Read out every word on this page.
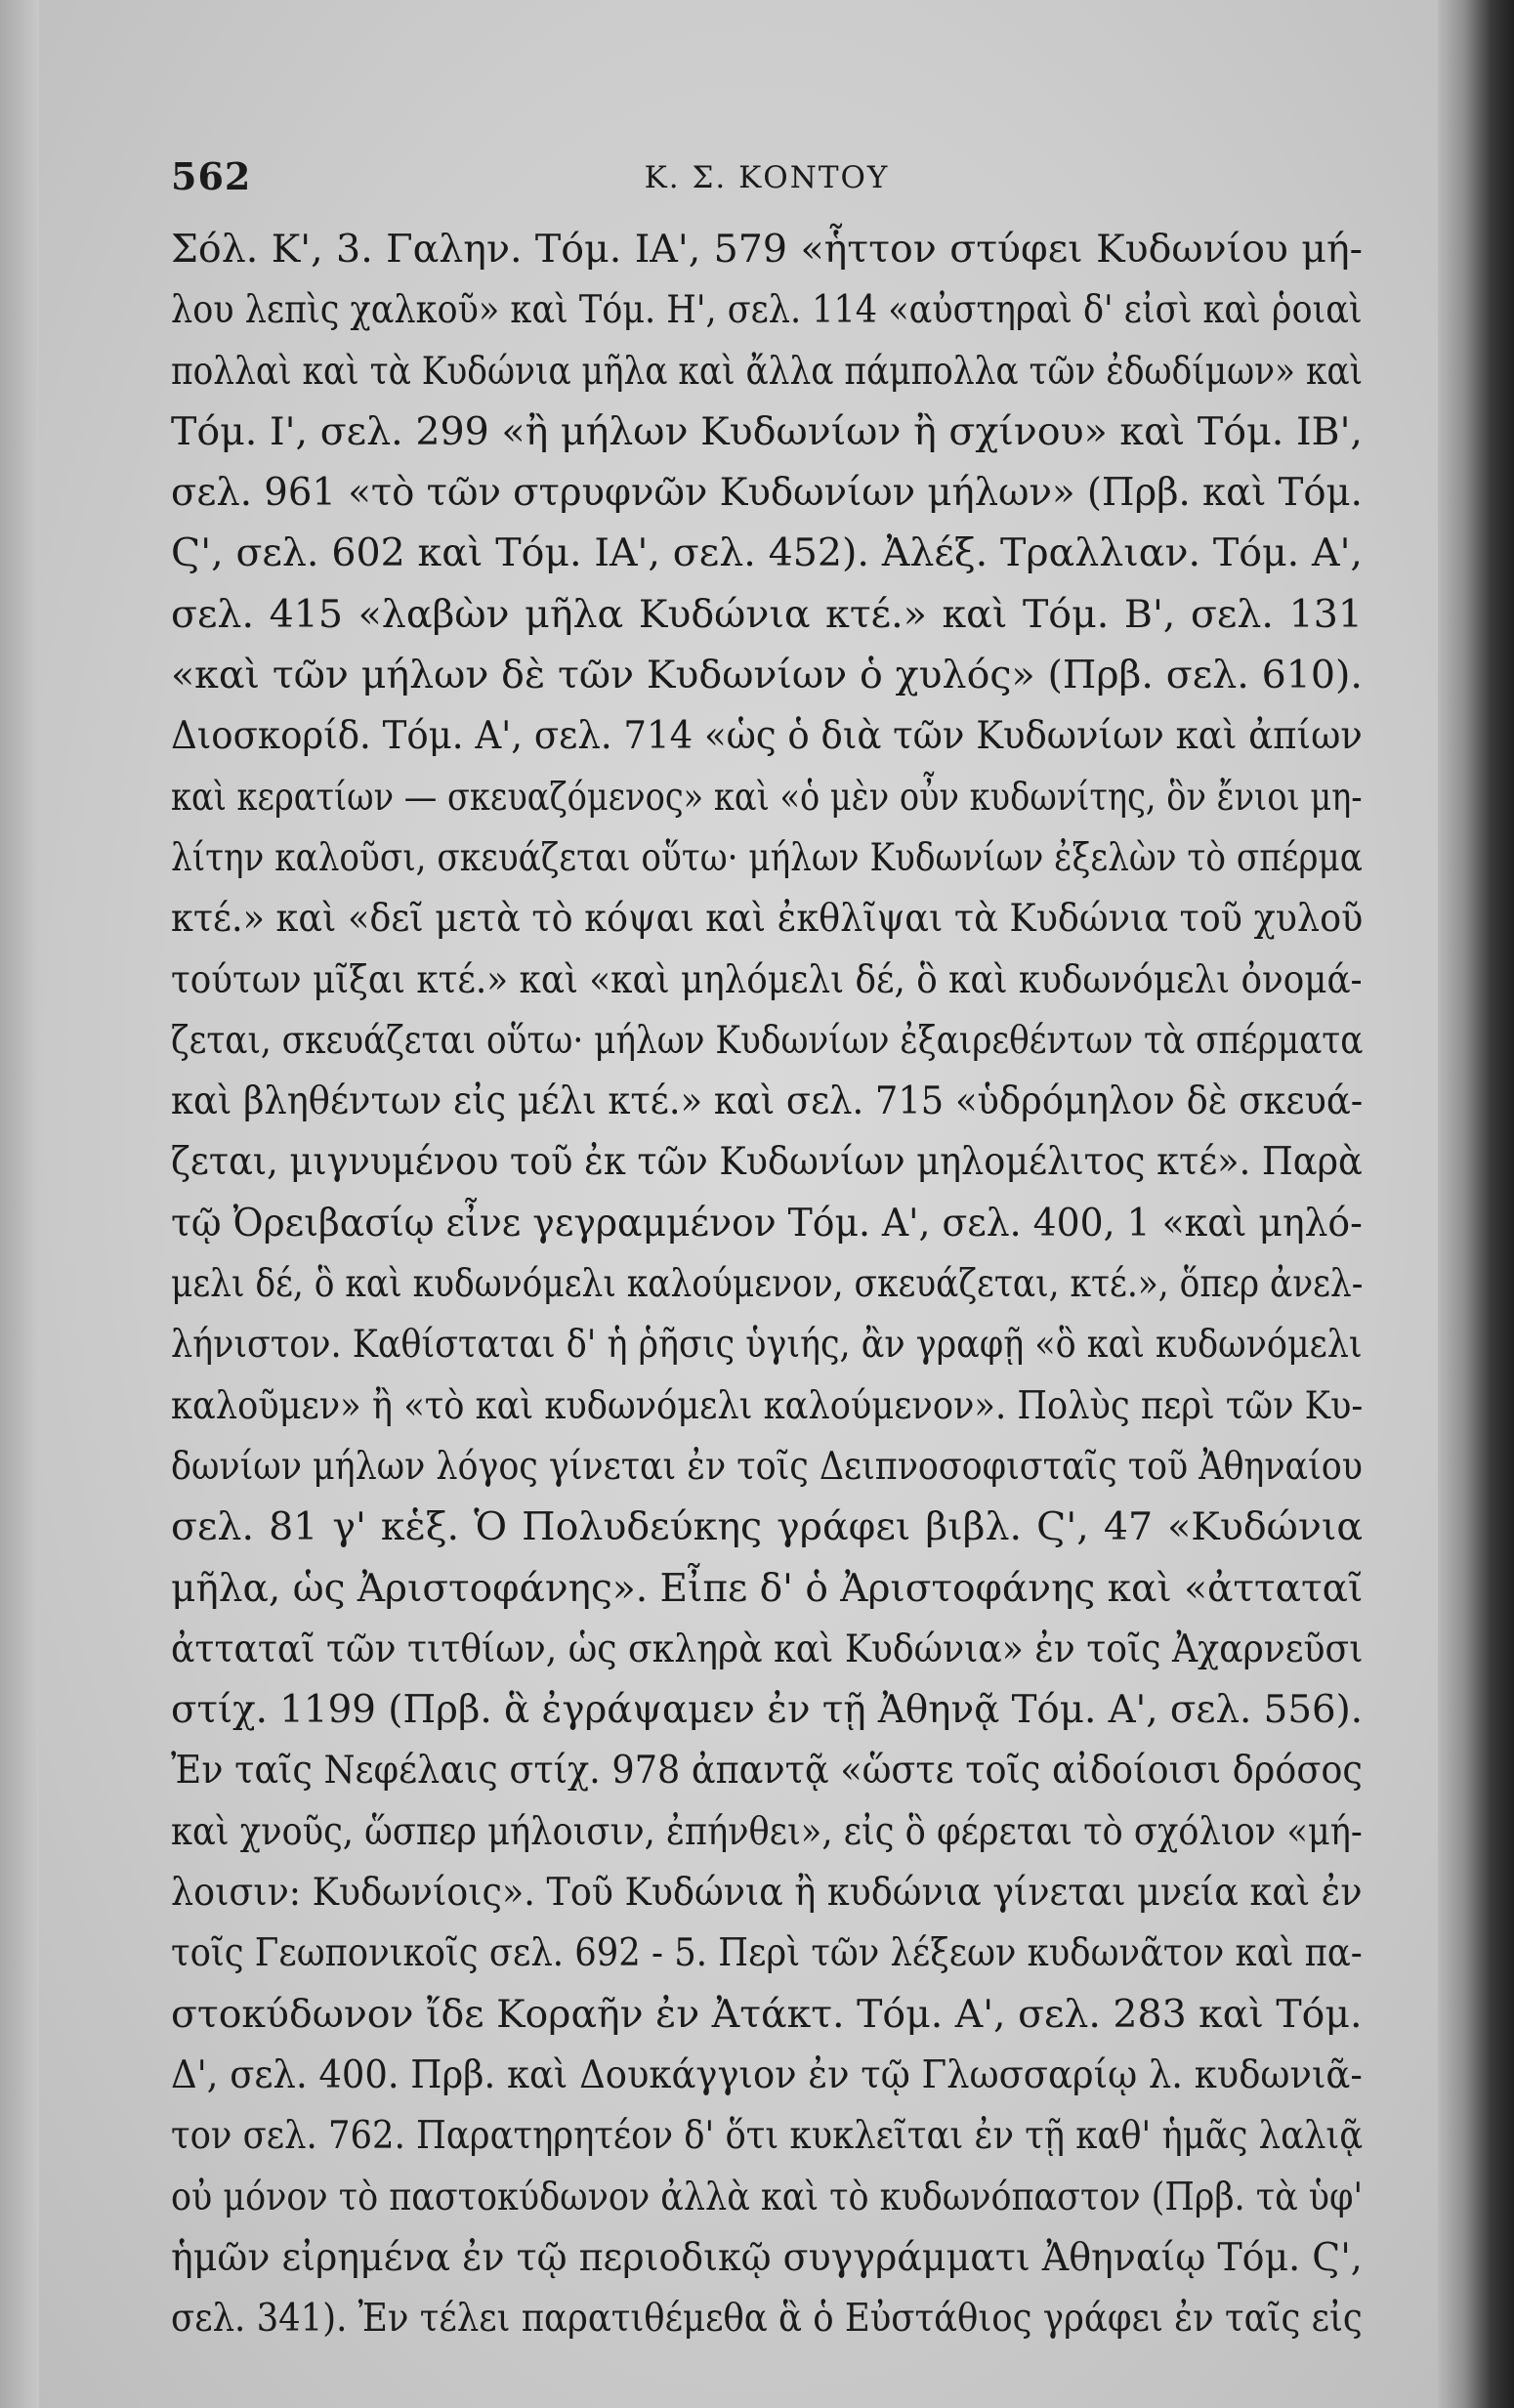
562	Κ. Σ. ΚΟΝΤΟΥ
Σόλ. Κ', 3. Γαλην. Τόμ. ΙΑ', 579 «ἧττον στύφει Κυδωνίου μή-
λου λεπὶς χαλκοῦ» καὶ Τόμ. Η', σελ. 114 «αὐστηραὶ δ' εἰσὶ καὶ ῥοιαὶ
πολλαὶ καὶ τὰ Κυδώνια μῆλα καὶ ἄλλα πάμπολλα τῶν ἐδωδίμων» καὶ
Τόμ. Ι', σελ. 299 «ἢ μήλων Κυδωνίων ἢ σχίνου» καὶ Τόμ. ΙΒ',
σελ. 961 «τὸ τῶν στρυφνῶν Κυδωνίων μήλων» (Πρβ. καὶ Τόμ.
Ϛ', σελ. 602 καὶ Τόμ. ΙΑ', σελ. 452). Ἀλέξ. Τραλλιαν. Τόμ. Α',
σελ. 415 «λαβὼν μῆλα Κυδώνια κτέ.» καὶ Τόμ. Β', σελ. 131
«καὶ τῶν μήλων δὲ τῶν Κυδωνίων ὁ χυλός» (Πρβ. σελ. 610).
Διοσκορίδ. Τόμ. Α', σελ. 714 «ὡς ὁ διὰ τῶν Κυδωνίων καὶ ἀπίων
καὶ κερατίων — σκευαζόμενος» καὶ «ὁ μὲν οὖν κυδωνίτης, ὃν ἔνιοι μη-
λίτην καλοῦσι, σκευάζεται οὕτω· μήλων Κυδωνίων ἐξελὼν τὸ σπέρμα
κτέ.» καὶ «δεῖ μετὰ τὸ κόψαι καὶ ἐκθλῖψαι τὰ Κυδώνια τοῦ χυλοῦ
τούτων μῖξαι κτέ.» καὶ «καὶ μηλόμελι δέ, ὃ καὶ κυδωνόμελι ὀνομά-
ζεται, σκευάζεται οὕτω· μήλων Κυδωνίων ἐξαιρεθέντων τὰ σπέρματα
καὶ βληθέντων εἰς μέλι κτέ.» καὶ σελ. 715 «ὑδρόμηλον δὲ σκευά-
ζεται, μιγνυμένου τοῦ ἐκ τῶν Κυδωνίων μηλομέλιτος κτέ». Παρὰ
τῷ Ὀρειβασίῳ εἶνε γεγραμμένον Τόμ. Α', σελ. 400, 1 «καὶ μηλό-
μελι δέ, ὃ καὶ κυδωνόμελι καλούμενον, σκευάζεται, κτέ.», ὅπερ ἀνελ-
λήνιστον. Καθίσταται δ' ἡ ῥῆσις ὑγιής, ἂν γραφῇ «ὃ καὶ κυδωνόμελι
καλοῦμεν» ἢ «τὸ καὶ κυδωνόμελι καλούμενον». Πολὺς περὶ τῶν Κυ-
δωνίων μήλων λόγος γίνεται ἐν τοῖς Δειπνοσοφισταῖς τοῦ Ἀθηναίου
σελ. 81 γ' κἑξ. Ὁ Πολυδεύκης γράφει βιβλ. Ϛ', 47 «Κυδώνια
μῆλα, ὡς Ἀριστοφάνης». Εἶπε δ' ὁ Ἀριστοφάνης καὶ «ἀτταταῖ
ἀτταταῖ τῶν τιτθίων, ὡς σκληρὰ καὶ Κυδώνια» ἐν τοῖς Ἀχαρνεῦσι
στίχ. 1199 (Πρβ. ἃ ἐγράψαμεν ἐν τῇ Ἀθηνᾷ Τόμ. Α', σελ. 556).
Ἐν ταῖς Νεφέλαις στίχ. 978 ἀπαντᾷ «ὥστε τοῖς αἰδοίοισι δρόσος
καὶ χνοῦς, ὥσπερ μήλοισιν, ἐπήνθει», εἰς ὃ φέρεται τὸ σχόλιον «μή-
λοισιν: Κυδωνίοις». Τοῦ Κυδώνια ἢ κυδώνια γίνεται μνεία καὶ ἐν
τοῖς Γεωπονικοῖς σελ. 692 - 5. Περὶ τῶν λέξεων κυδωνᾶτον καὶ πα-
στοκύδωνον ἴδε Κοραῆν ἐν Ἀτάκτ. Τόμ. Α', σελ. 283 καὶ Τόμ.
Δ', σελ. 400. Πρβ. καὶ Δουκάγγιον ἐν τῷ Γλωσσαρίῳ λ. κυδωνιᾶ-
τον σελ. 762. Παρατηρητέον δ' ὅτι κυκλεῖται ἐν τῇ καθ' ἡμᾶς λαλιᾷ
οὐ μόνον τὸ παστοκύδωνον ἀλλὰ καὶ τὸ κυδωνόπαστον (Πρβ. τὰ ὑφ'
ἡμῶν εἰρημένα ἐν τῷ περιοδικῷ συγγράμματι Ἀθηναίῳ Τόμ. Ϛ',
σελ. 341). Ἐν τέλει παρατιθέμεθα ἃ ὁ Εὐστάθιος γράφει ἐν ταῖς εἰς
